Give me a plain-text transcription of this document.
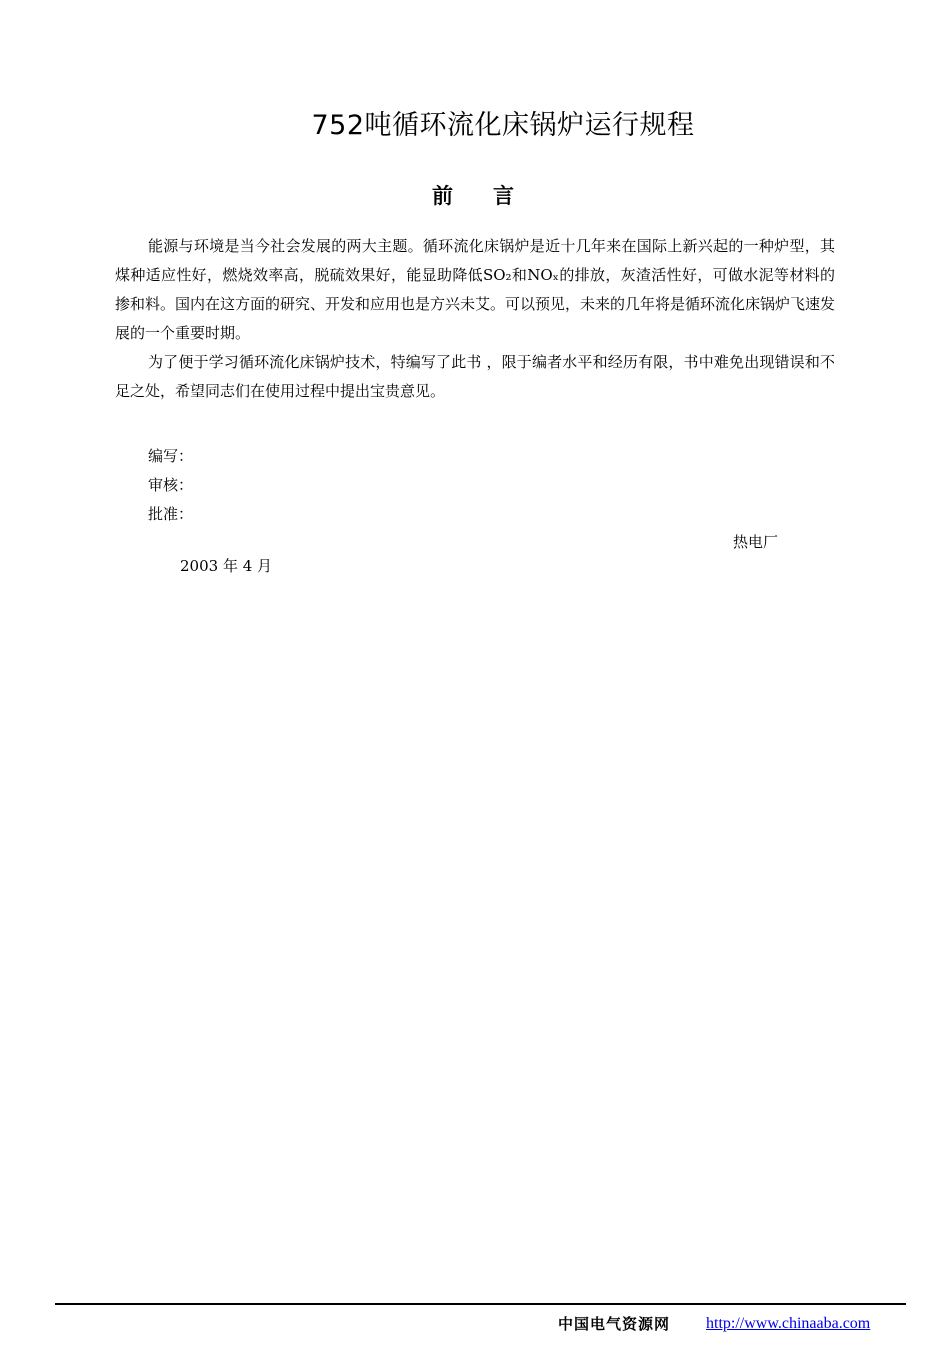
752吨循环流化床锅炉运行规程
前言

能源与环境是当今社会发展的两大主题。循环流化床锅炉是近十几年来在国际上新兴起的一种炉型，其煤种适应性好，燃烧效率高，脱硫效果好，能显助降低SO₂和NOₓ的排放，灰渣活性好，可做水泥等材料的掺和料。国内在这方面的研究、开发和应用也是方兴未艾。可以预见，未来的几年将是循环流化床锅炉飞速发展的一个重要时期。

为了便于学习循环流化床锅炉技术，特编写了此书 ，限于编者水平和经历有限，书中难免出现错误和不足之处，希望同志们在使用过程中提出宝贵意见。

编写：
审核：
批准：
热电厂
2003 年 4 月
中国电气资源网 http://www.chinaaba.com
